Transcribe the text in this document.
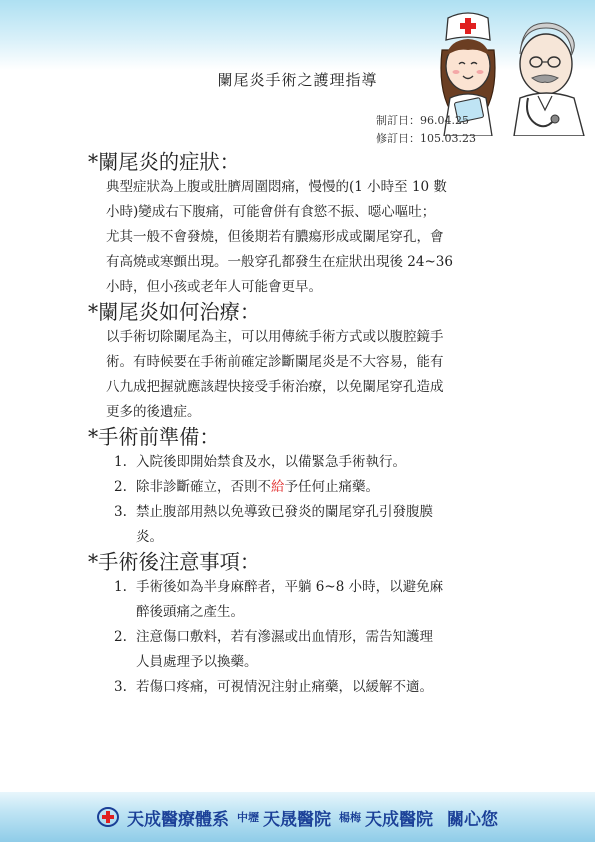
闌尾炎手術之護理指導
制訂日：96.04.25
修訂日：105.03.23
*闌尾炎的症狀：
典型症狀為上腹或肚臍周圍悶痛，慢慢的(1 小時至 10 數
小時)變成右下腹痛，可能會併有食慾不振、噁心嘔吐；
尤其一般不會發燒，但後期若有膿瘍形成或闌尾穿孔，會
有高燒或寒顫出現。一般穿孔都發生在症狀出現後 24~36
小時，但小孩或老年人可能會更早。
*闌尾炎如何治療：
以手術切除闌尾為主，可以用傳統手術方式或以腹腔鏡手
術。有時候要在手術前確定診斷闌尾炎是不大容易，能有
八九成把握就應該趕快接受手術治療，以免闌尾穿孔造成
更多的後遺症。
*手術前準備：
1. 入院後即開始禁食及水，以備緊急手術執行。
2. 除非診斷確立，否則不給予任何止痛藥。
3. 禁止腹部用熱以免導致已發炎的闌尾穿孔引發腹膜
炎。
*手術後注意事項：
1. 手術後如為半身麻醉者，平躺 6~8 小時，以避免麻
醉後頭痛之產生。
2. 注意傷口敷料，若有滲濕或出血情形，需告知護理
人員處理予以換藥。
3. 若傷口疼痛，可視情況注射止痛藥，以緩解不適。
天成醫療體系 中壢 天晟醫院 楊梅 天成醫院 關心您
